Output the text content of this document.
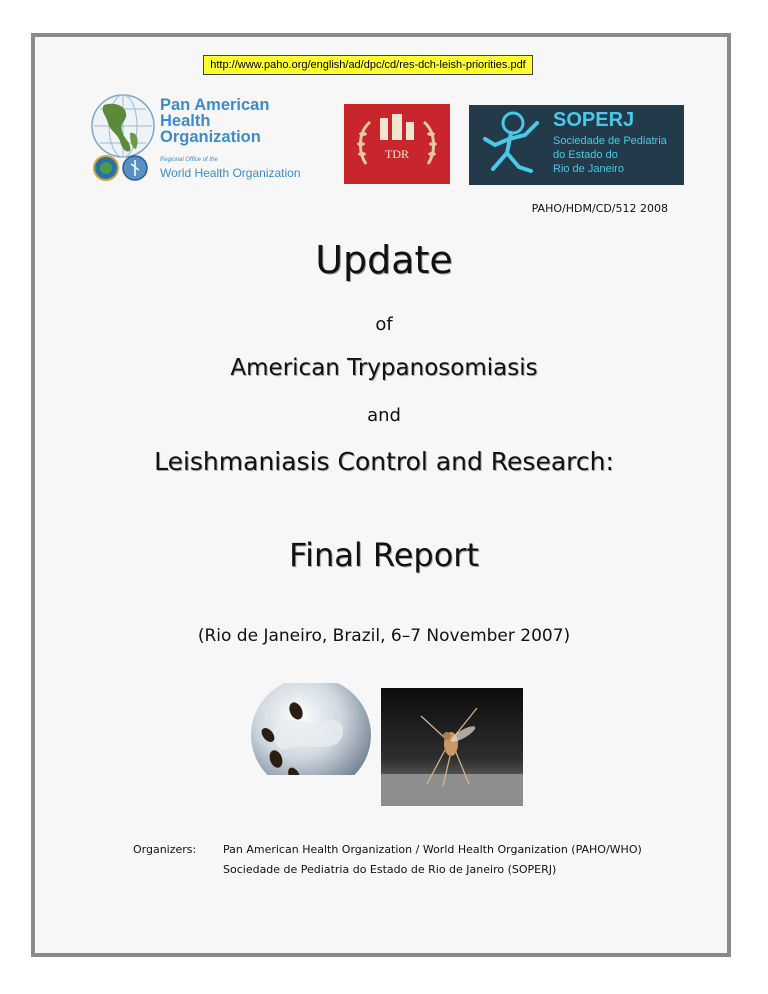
http://www.paho.org/english/ad/dpc/cd/res-dch-leish-priorities.pdf
Pan American
Health
Organization
Regional Office of the
World Health Organization
TDR
SOPERJ
Sociedade de Pediatria
do Estado do
Rio de Janeiro
PAHO/HDM/CD/512 2008
Update
of
American Trypanosomiasis
and
Leishmaniasis Control and Research:
Final Report
(Rio de Janeiro, Brazil, 6–7 November 2007)
Organizers: Pan American Health Organization / World Health Organization (PAHO/WHO)
Sociedade de Pediatria do Estado de Rio de Janeiro (SOPERJ)
